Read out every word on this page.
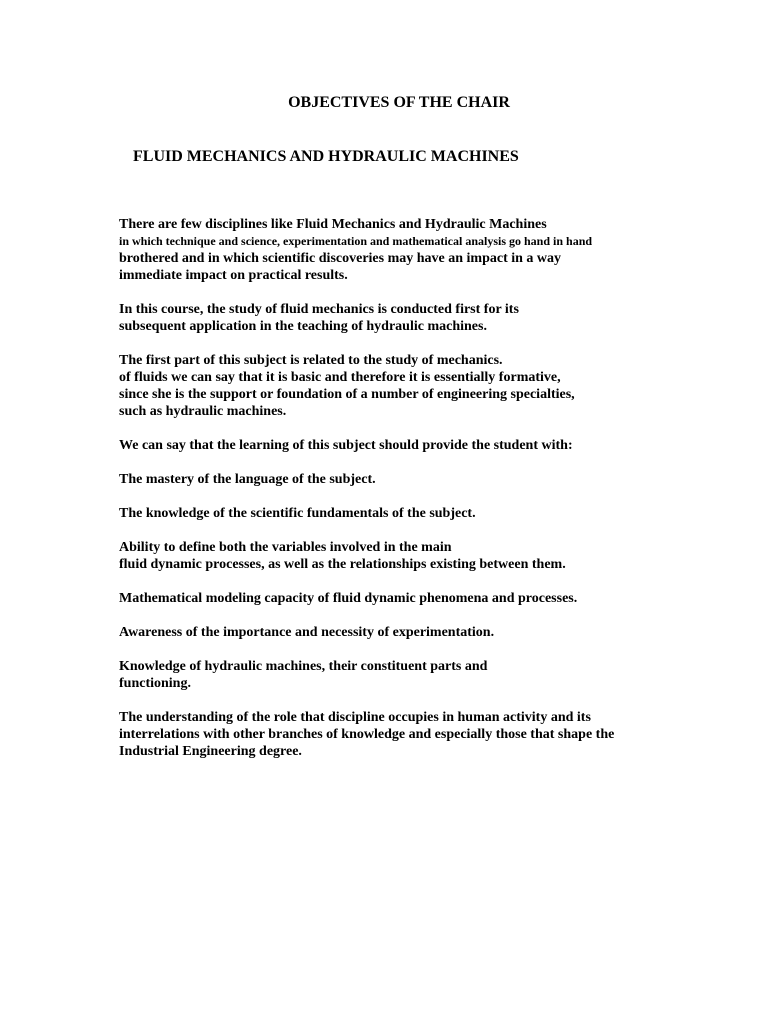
OBJECTIVES OF THE CHAIR
FLUID MECHANICS AND HYDRAULIC MACHINES

There are few disciplines like Fluid Mechanics and Hydraulic Machines
in which technique and science, experimentation and mathematical analysis go hand in hand
brothered and in which scientific discoveries may have an impact in a way
immediate impact on practical results.

In this course, the study of fluid mechanics is conducted first for its
subsequent application in the teaching of hydraulic machines.

The first part of this subject is related to the study of mechanics.
of fluids we can say that it is basic and therefore it is essentially formative,
since she is the support or foundation of a number of engineering specialties,
such as hydraulic machines.

We can say that the learning of this subject should provide the student with:

The mastery of the language of the subject.

The knowledge of the scientific fundamentals of the subject.

Ability to define both the variables involved in the main
fluid dynamic processes, as well as the relationships existing between them.

Mathematical modeling capacity of fluid dynamic phenomena and processes.

Awareness of the importance and necessity of experimentation.

Knowledge of hydraulic machines, their constituent parts and
functioning.

The understanding of the role that discipline occupies in human activity and its
interrelations with other branches of knowledge and especially those that shape the
Industrial Engineering degree.
